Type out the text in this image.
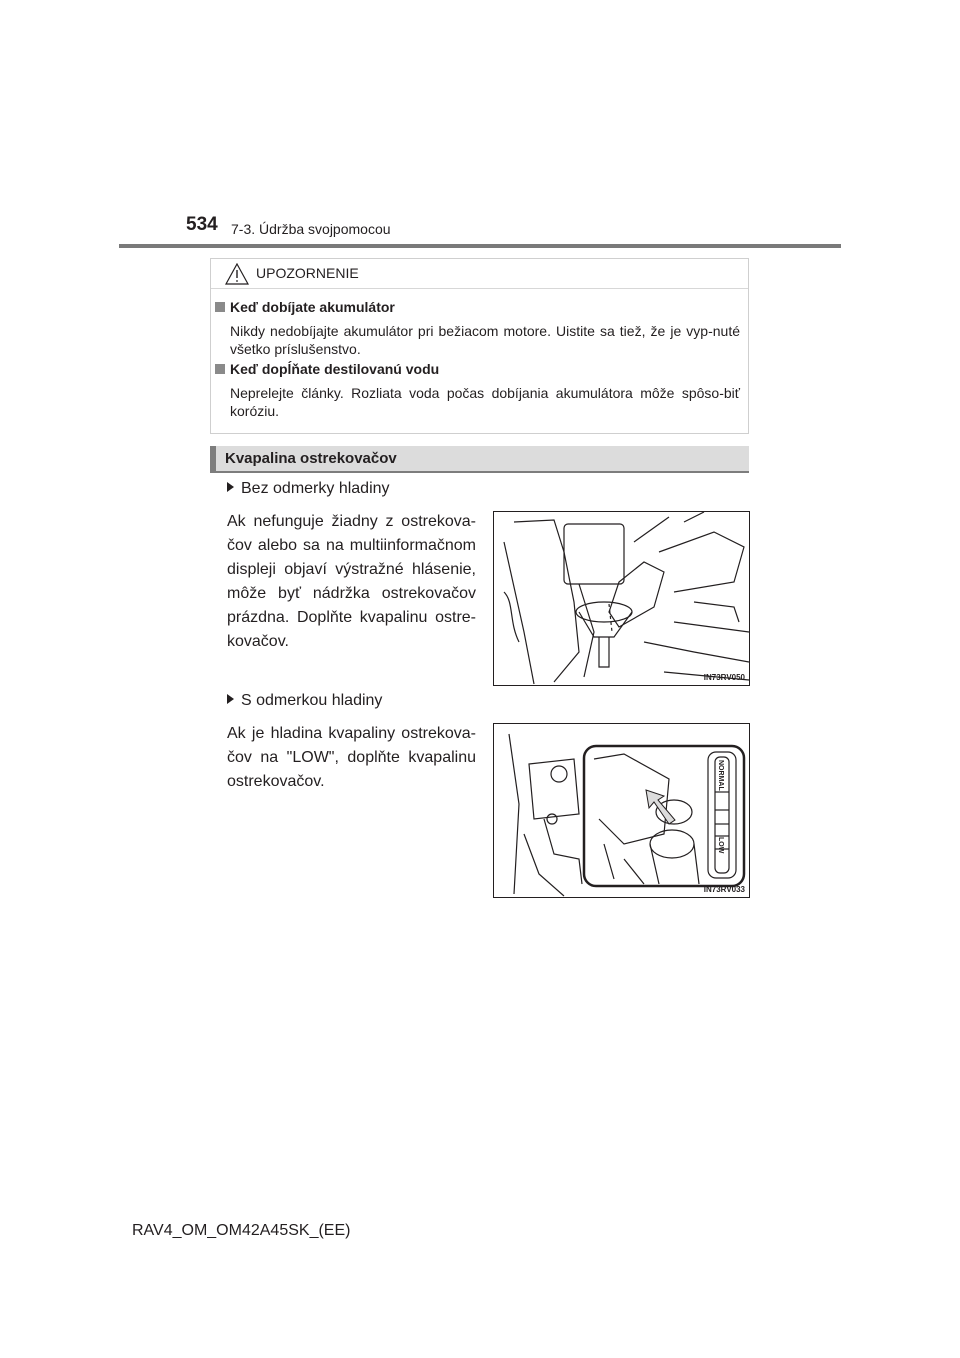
534 7-3. Údržba svojpomocou
UPOZORNENIE
Keď dobíjate akumulátor
Nikdy nedobíjajte akumulátor pri bežiacom motore. Uistite sa tiež, že je vyp-nuté všetko príslušenstvo.
Keď dopĺňate destilovanú vodu
Neprelejte články. Rozliata voda počas dobíjania akumulátora môže spôso-biť koróziu.
Kvapalina ostrekovačov
Bez odmerky hladiny
Ak nefunguje žiadny z ostrekova-čov alebo sa na multiinformačnom displeji objaví výstražné hlásenie, môže byť nádržka ostrekovačov prázdna. Doplňte kvapalinu ostre-kovačov.
IN73RV050
S odmerkou hladiny
Ak je hladina kvapaliny ostrekova-čov na "LOW", doplňte kvapalinu ostrekovačov.	NORMAL
LOW
IN73RV033
RAV4_OM_OM42A45SK_(EE)
